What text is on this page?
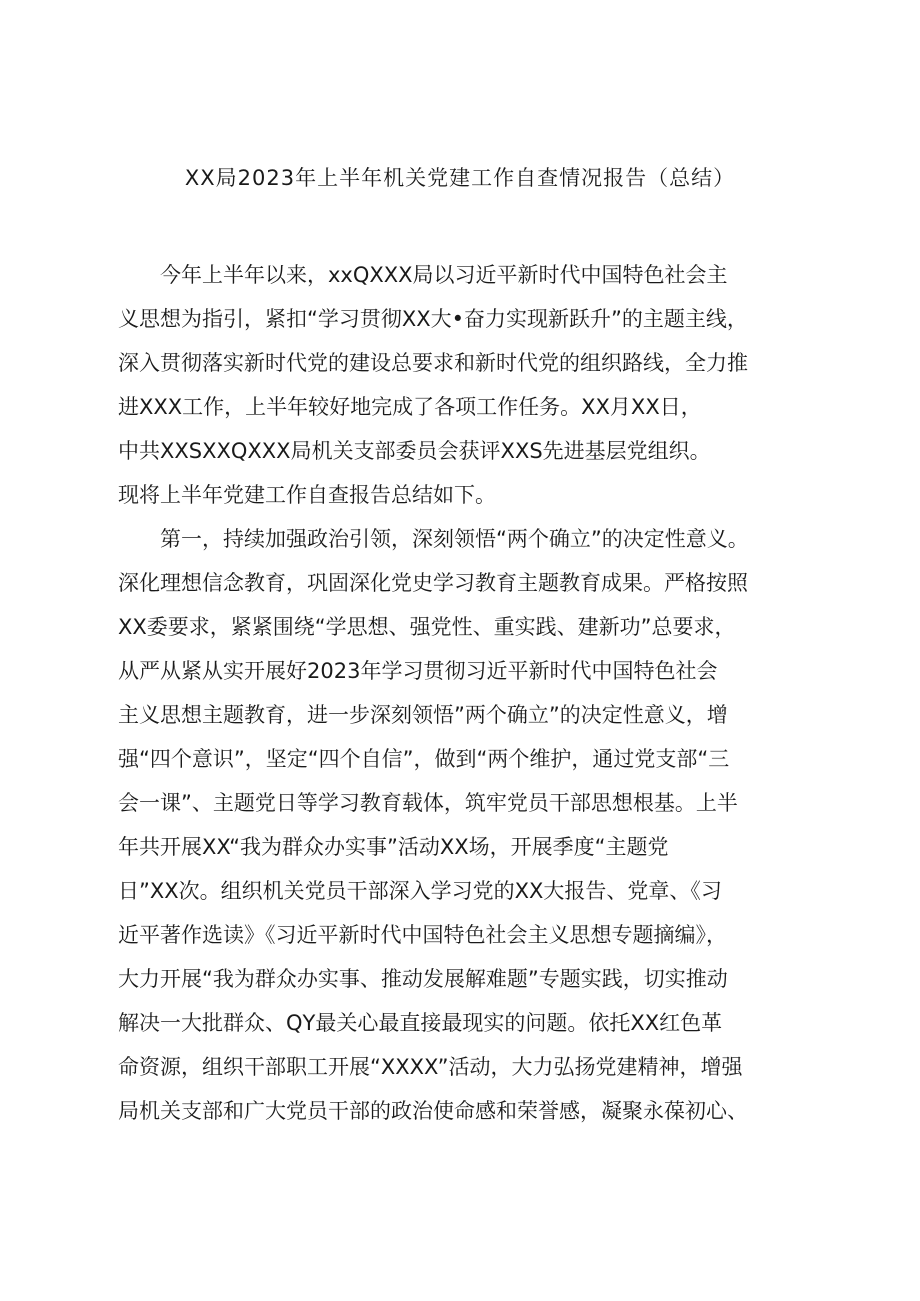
XX局2023年上半年机关党建工作自查情况报告（总结）
今年上半年以来，xxQXXX局以习近平新时代中国特色社会主
义思想为指引，紧扣“学习贯彻XX大•奋力实现新跃升”的主题主线，
深入贯彻落实新时代党的建设总要求和新时代党的组织路线，全力推
进XXX工作，上半年较好地完成了各项工作任务。XX月XX日，
中共XXSXXQXXX局机关支部委员会获评XXS先进基层党组织。
现将上半年党建工作自查报告总结如下。
第一，持续加强政治引领，深刻领悟“两个确立”的决定性意义。
深化理想信念教育，巩固深化党史学习教育主题教育成果。严格按照
XX委要求，紧紧围绕“学思想、强党性、重实践、建新功”总要求，
从严从紧从实开展好2023年学习贯彻习近平新时代中国特色社会
主义思想主题教育，进一步深刻领悟”两个确立”的决定性意义，增
强“四个意识”，坚定“四个自信”，做到“两个维护，通过党支部“三
会一课”、主题党日等学习教育载体，筑牢党员干部思想根基。上半
年共开展XX“我为群众办实事”活动XX场，开展季度“主题党
日”XX次。组织机关党员干部深入学习党的XX大报告、党章、《习
近平著作选读》《习近平新时代中国特色社会主义思想专题摘编》，
大力开展“我为群众办实事、推动发展解难题”专题实践，切实推动
解决一大批群众、QY最关心最直接最现实的问题。依托XX红色革
命资源，组织干部职工开展“XXXX”活动，大力弘扬党建精神，增强
局机关支部和广大党员干部的政治使命感和荣誉感，凝聚永葆初心、
